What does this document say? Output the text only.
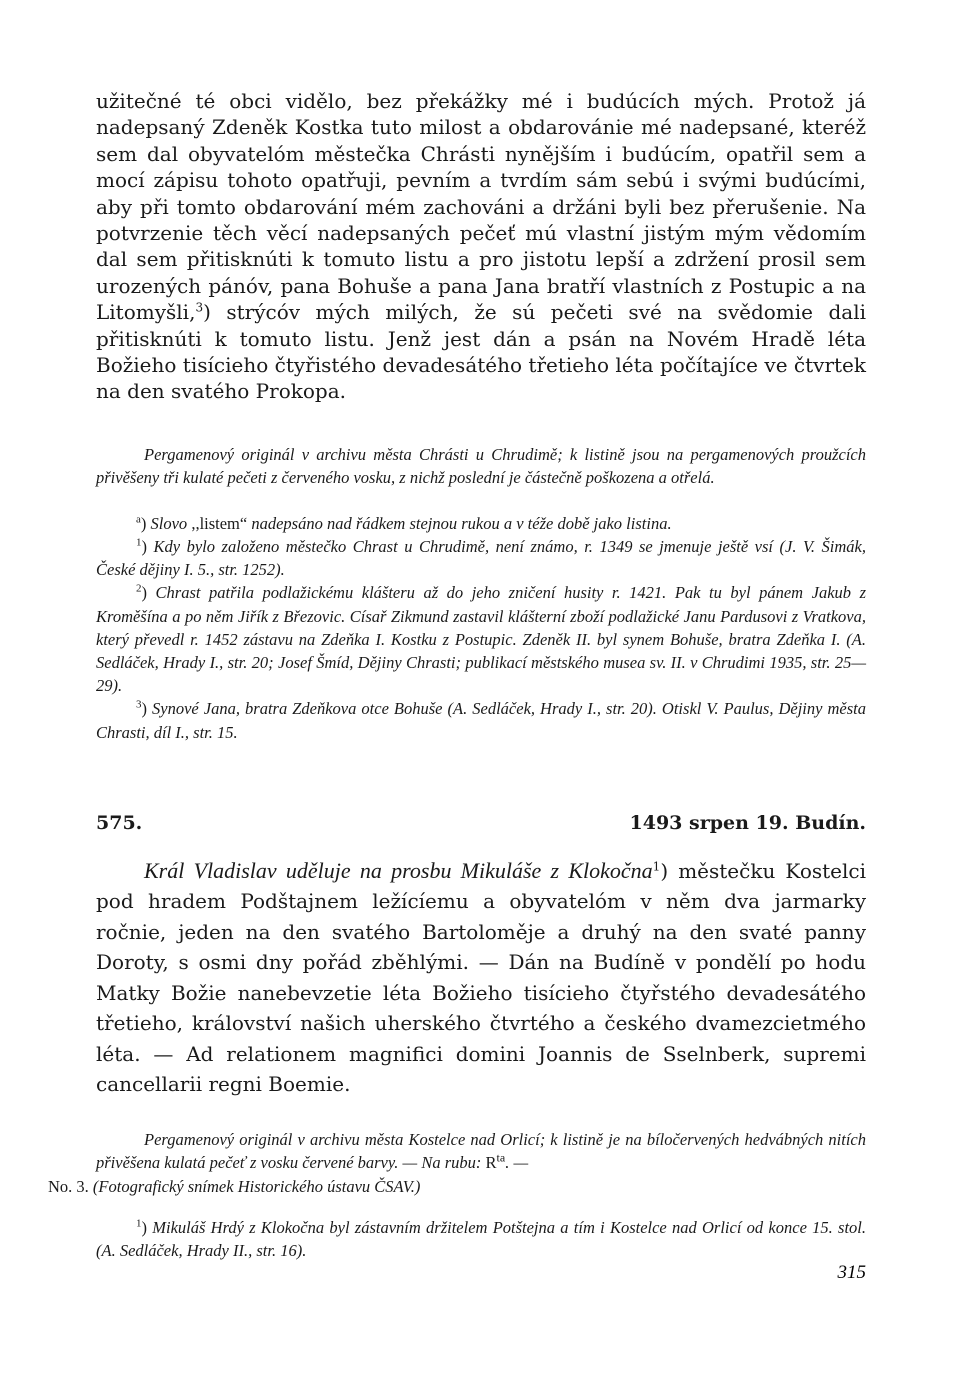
užitečné té obci vidělo, bez překážky mé i budúcích mých. Protož já nadepsaný Zdeněk Kostka tuto milost a obdarovánie mé nadepsané, kteréž sem dal obyvatelóm městečka Chrásti nynějším i budúcím, opatřil sem a mocí zápisu tohoto opatřuji, pevním a tvrdím sám sebú i svými budúcími, aby při tomto obdarování mém zachováni a držáni byli bez přerušenie. Na potvrzenie těch věcí nadepsaných pečeť mú vlastní jistým mým vědomím dal sem přitisknúti k tomuto listu a pro jistotu lepší a zdržení prosil sem urozených pánóv, pana Bohuše a pana Jana bratří vlastních z Postupic a na Litomyšli,$^3$) strýcóv mých milých, že sú pečeti své na svědomie dali přitisknúti k tomuto listu. Jenž jest dán a psán na Novém Hradě léta Božieho tisícieho čtyřistého devadesátého třetieho léta počítajíce ve čtvrtek na den svatého Prokopa.

Pergamenový originál v archivu města Chrásti u Chrudimě; k listině jsou na pergamenových proužcích přivěšeny tři kulaté pečeti z červeného vosku, z nichž poslední je částečně poškozena a otřelá.

$^a$) Slovo ,,listem“ nadepsáno nad řádkem stejnou rukou a v téže době jako listina.

$^1$) Kdy bylo založeno městečko Chrast u Chrudimě, není známo, r. 1349 se jmenuje ještě vsí (J. V. Šimák, České dějiny I. 5., str. 1252).

$^2$) Chrast patřila podlažickému klášteru až do jeho zničení husity r. 1421. Pak tu byl pánem Jakub z Kroměšína a po něm Jiřík z Březovic. Císař Zikmund zastavil klášterní zboží podlažické Janu Pardusovi z Vratkova, který převedl r. 1452 zástavu na Zdeňka I. Kostku z Postupic. Zdeněk II. byl synem Bohuše, bratra Zdeňka I. (A. Sedláček, Hrady I., str. 20; Josef Šmíd, Dějiny Chrasti; publikací městského musea sv. II. v Chrudimi 1935, str. 25—29).

$^3$) Synové Jana, bratra Zdeňkova otce Bohuše (A. Sedláček, Hrady I., str. 20). Otiskl V. Paulus, Dějiny města Chrasti, díl I., str. 15.

575.	1493 srpen 19. Budín.

Král Vladislav uděluje na prosbu Mikuláše z Klokočna$^1$) městečku Kostelci pod hradem Podštajnem ležícíemu a obyvatelóm v něm dva jarmarky ročnie, jeden na den svatého Bartoloměje a druhý na den svaté panny Doroty, s osmi dny pořád zběhlými. — Dán na Budíně v pondělí po hodu Matky Božie nanebevzetie léta Božieho tisícieho čtyřstého devadesátého třetieho, království našich uherského čtvrtého a českého dvamezcietmého léta. — Ad relationem magnifici domini Joannis de Sselnberk, supremi cancellarii regni Boemie.

Pergamenový originál v archivu města Kostelce nad Orlicí; k listině je na bíločervených hedvábných nitích přivěšena kulatá pečeť z vosku červené barvy. — Na rubu: $R^{ta}$. —
No. 3. (Fotografický snímek Historického ústavu ČSAV.)

$^1$) Mikuláš Hrdý z Klokočna byl zástavním držitelem Potštejna a tím i Kostelce nad Orlicí od konce 15. stol. (A. Sedláček, Hrady II., str. 16).

315
